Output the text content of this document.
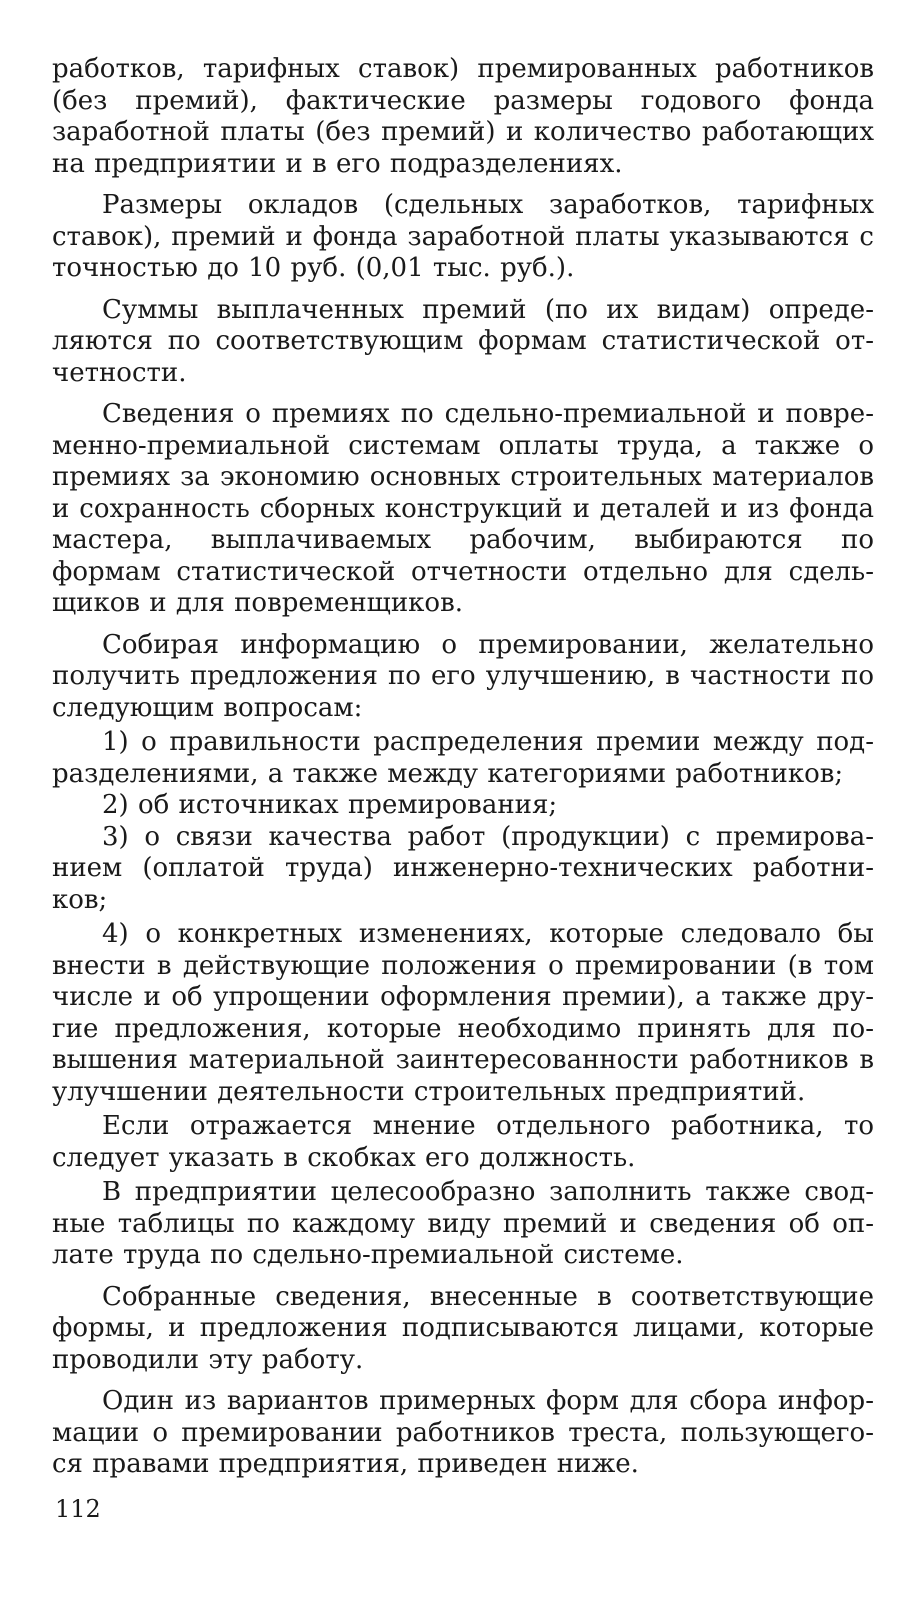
работков, тарифных ставок) премированных работников (без премий), фактические размеры годового фонда заработной платы (без премий) и количество работающих на предприятии и в его подразделениях.

Размеры окладов (сдельных заработков, тарифных ставок), премий и фонда заработной платы указываются с точностью до 10 руб. (0,01 тыс. руб.).

Суммы выплаченных премий (по их видам) определяются по соответствующим формам статистической отчетности.

Сведения о премиях по сдельно-премиальной и повременно-премиальной системам оплаты труда, а также о премиях за экономию основных строительных материалов и сохранность сборных конструкций и деталей и из фонда мастера, выплачиваемых рабочим, выбираются по формам статистической отчетности отдельно для сдельщиков и для повременщиков.

Собирая информацию о премировании, желательно получить предложения по его улучшению, в частности по следующим вопросам:

1) о правильности распределения премии между подразделениями, а также между категориями работников;

2) об источниках премирования;

3) о связи качества работ (продукции) с премированием (оплатой труда) инженерно-технических работников;

4) о конкретных изменениях, которые следовало бы внести в действующие положения о премировании (в том числе и об упрощении оформления премии), а также другие предложения, которые необходимо принять для повышения материальной заинтересованности работников в улучшении деятельности строительных предприятий.

Если отражается мнение отдельного работника, то следует указать в скобках его должность.

В предприятии целесообразно заполнить также сводные таблицы по каждому виду премий и сведения об оплате труда по сдельно-премиальной системе.

Собранные сведения, внесенные в соответствующие формы, и предложения подписываются лицами, которые проводили эту работу.

Один из вариантов примерных форм для сбора информации о премировании работников треста, пользующегося правами предприятия, приведен ниже.

112
